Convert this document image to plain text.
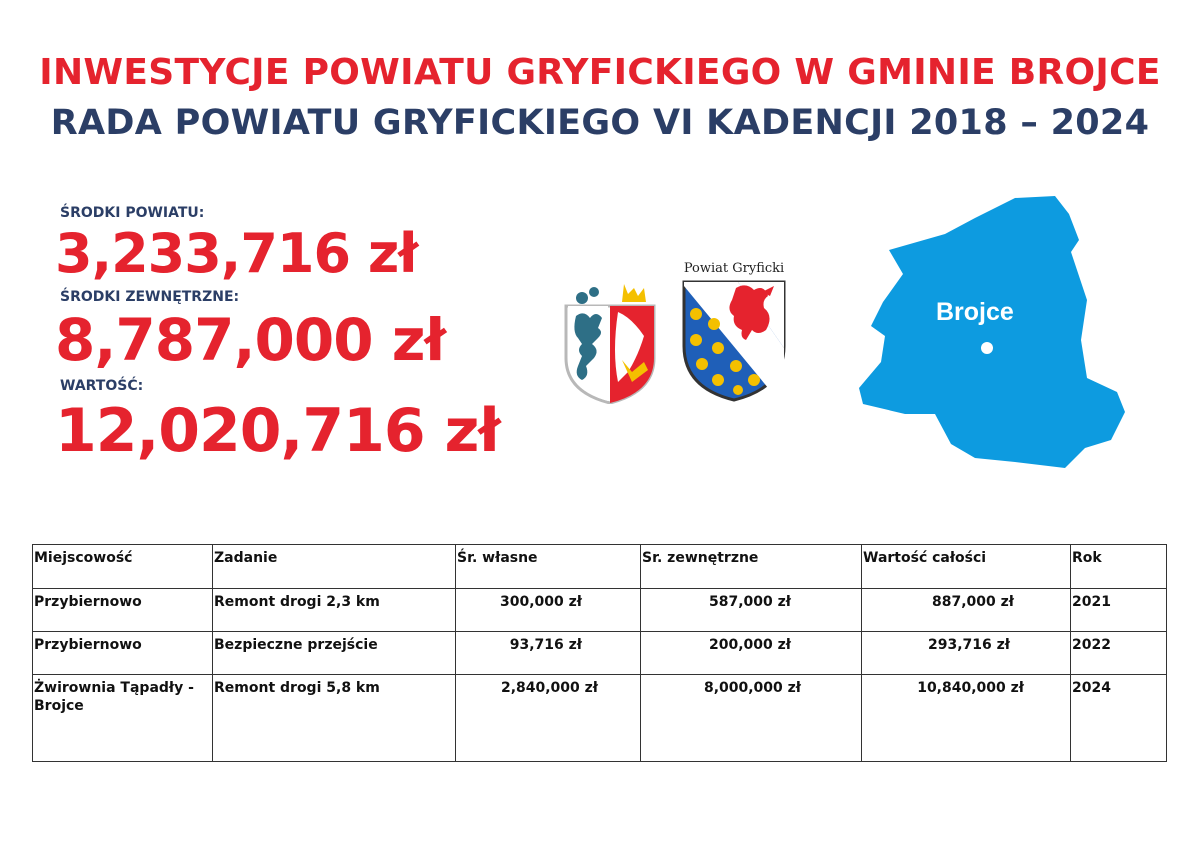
INWESTYCJE POWIATU GRYFICKIEGO W GMINIE BROJCE
RADA POWIATU GRYFICKIEGO VI KADENCJI 2018 – 2024
ŚRODKI POWIATU:
3,233,716 zł
ŚRODKI ZEWNĘTRZNE:
8,787,000 zł
WARTOŚĆ:
12,020,716 zł
Powiat Gryficki
Brojce
Miejscowość	Zadanie	Śr. własne	Sr. zewnętrzne	Wartość całości	Rok
Przybiernowo	Remont drogi 2,3 km	300,000 zł	587,000 zł	887,000 zł	2021
Przybiernowo	Bezpieczne przejście	93,716 zł	200,000 zł	293,716 zł	2022
Żwirownia Tąpadły - Brojce	Remont drogi 5,8 km	2,840,000 zł	8,000,000 zł	10,840,000 zł	2024
